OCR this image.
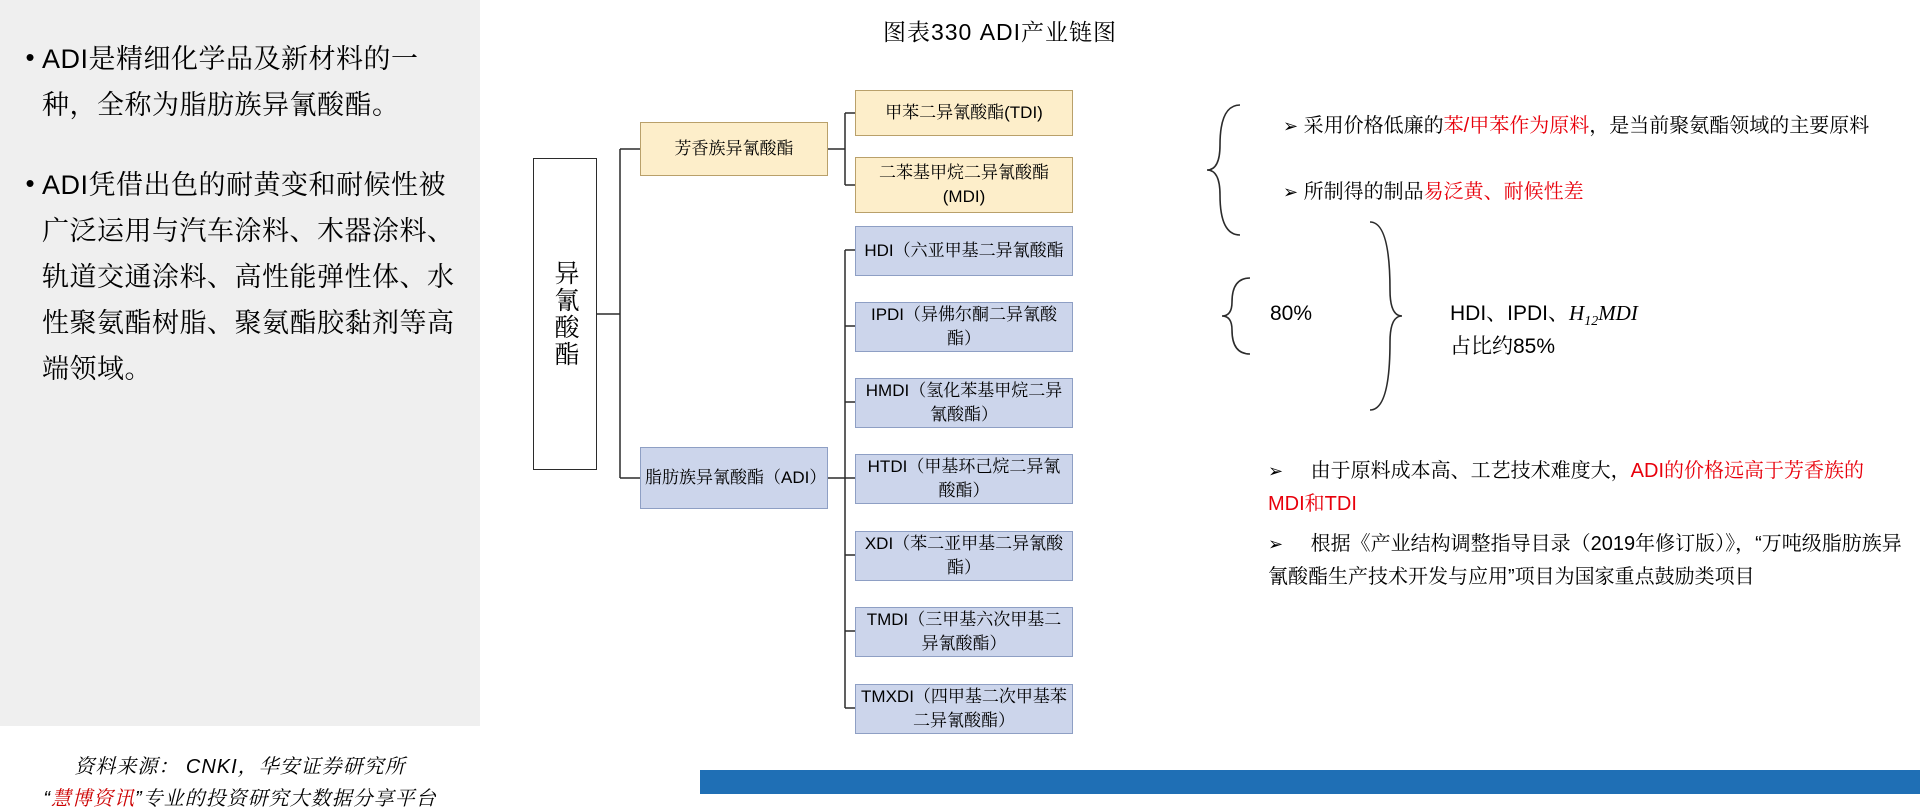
• ADI是精细化学品及新材料的一种，全称为脂肪族异氰酸酯。
• ADI凭借出色的耐黄变和耐候性被广泛运用与汽车涂料、木器涂料、轨道交通涂料、高性能弹性体、水性聚氨酯树脂、聚氨酯胶黏剂等高端领域。
资料来源： CNKI，华安证券研究所
“慧博资讯”专业的投资研究大数据分享平台
图表330 ADI产业链图
异氰酸酯
芳香族异氰酸酯
脂肪族异氰酸酯（ADI）
甲苯二异氰酸酯(TDI)
二苯基甲烷二异氰酸酯(MDI)
HDI（六亚甲基二异氰酸酯
IPDI（异佛尔酮二异氰酸酯）
HMDI（氢化苯基甲烷二异氰酸酯）
HTDI（甲基环己烷二异氰酸酯）
XDI（苯二亚甲基二异氰酸酯）
TMDI（三甲基六次甲基二异氰酸酯）
TMXDI（四甲基二次甲基苯二异氰酸酯）
➢ 采用价格低廉的苯/甲苯作为原料，是当前聚氨酯领域的主要原料
➢ 所制得的制品易泛黄、耐候性差
80%	HDI、IPDI、$H_{12}MDI$
占比约85%
➢ 由于原料成本高、工艺技术难度大，ADI的价格远高于芳香族的MDI和TDI
➢ 根据《产业结构调整指导目录（2019年修订版）》，“万吨级脂肪族异氰酸酯生产技术开发与应用”项目为国家重点鼓励类项目
